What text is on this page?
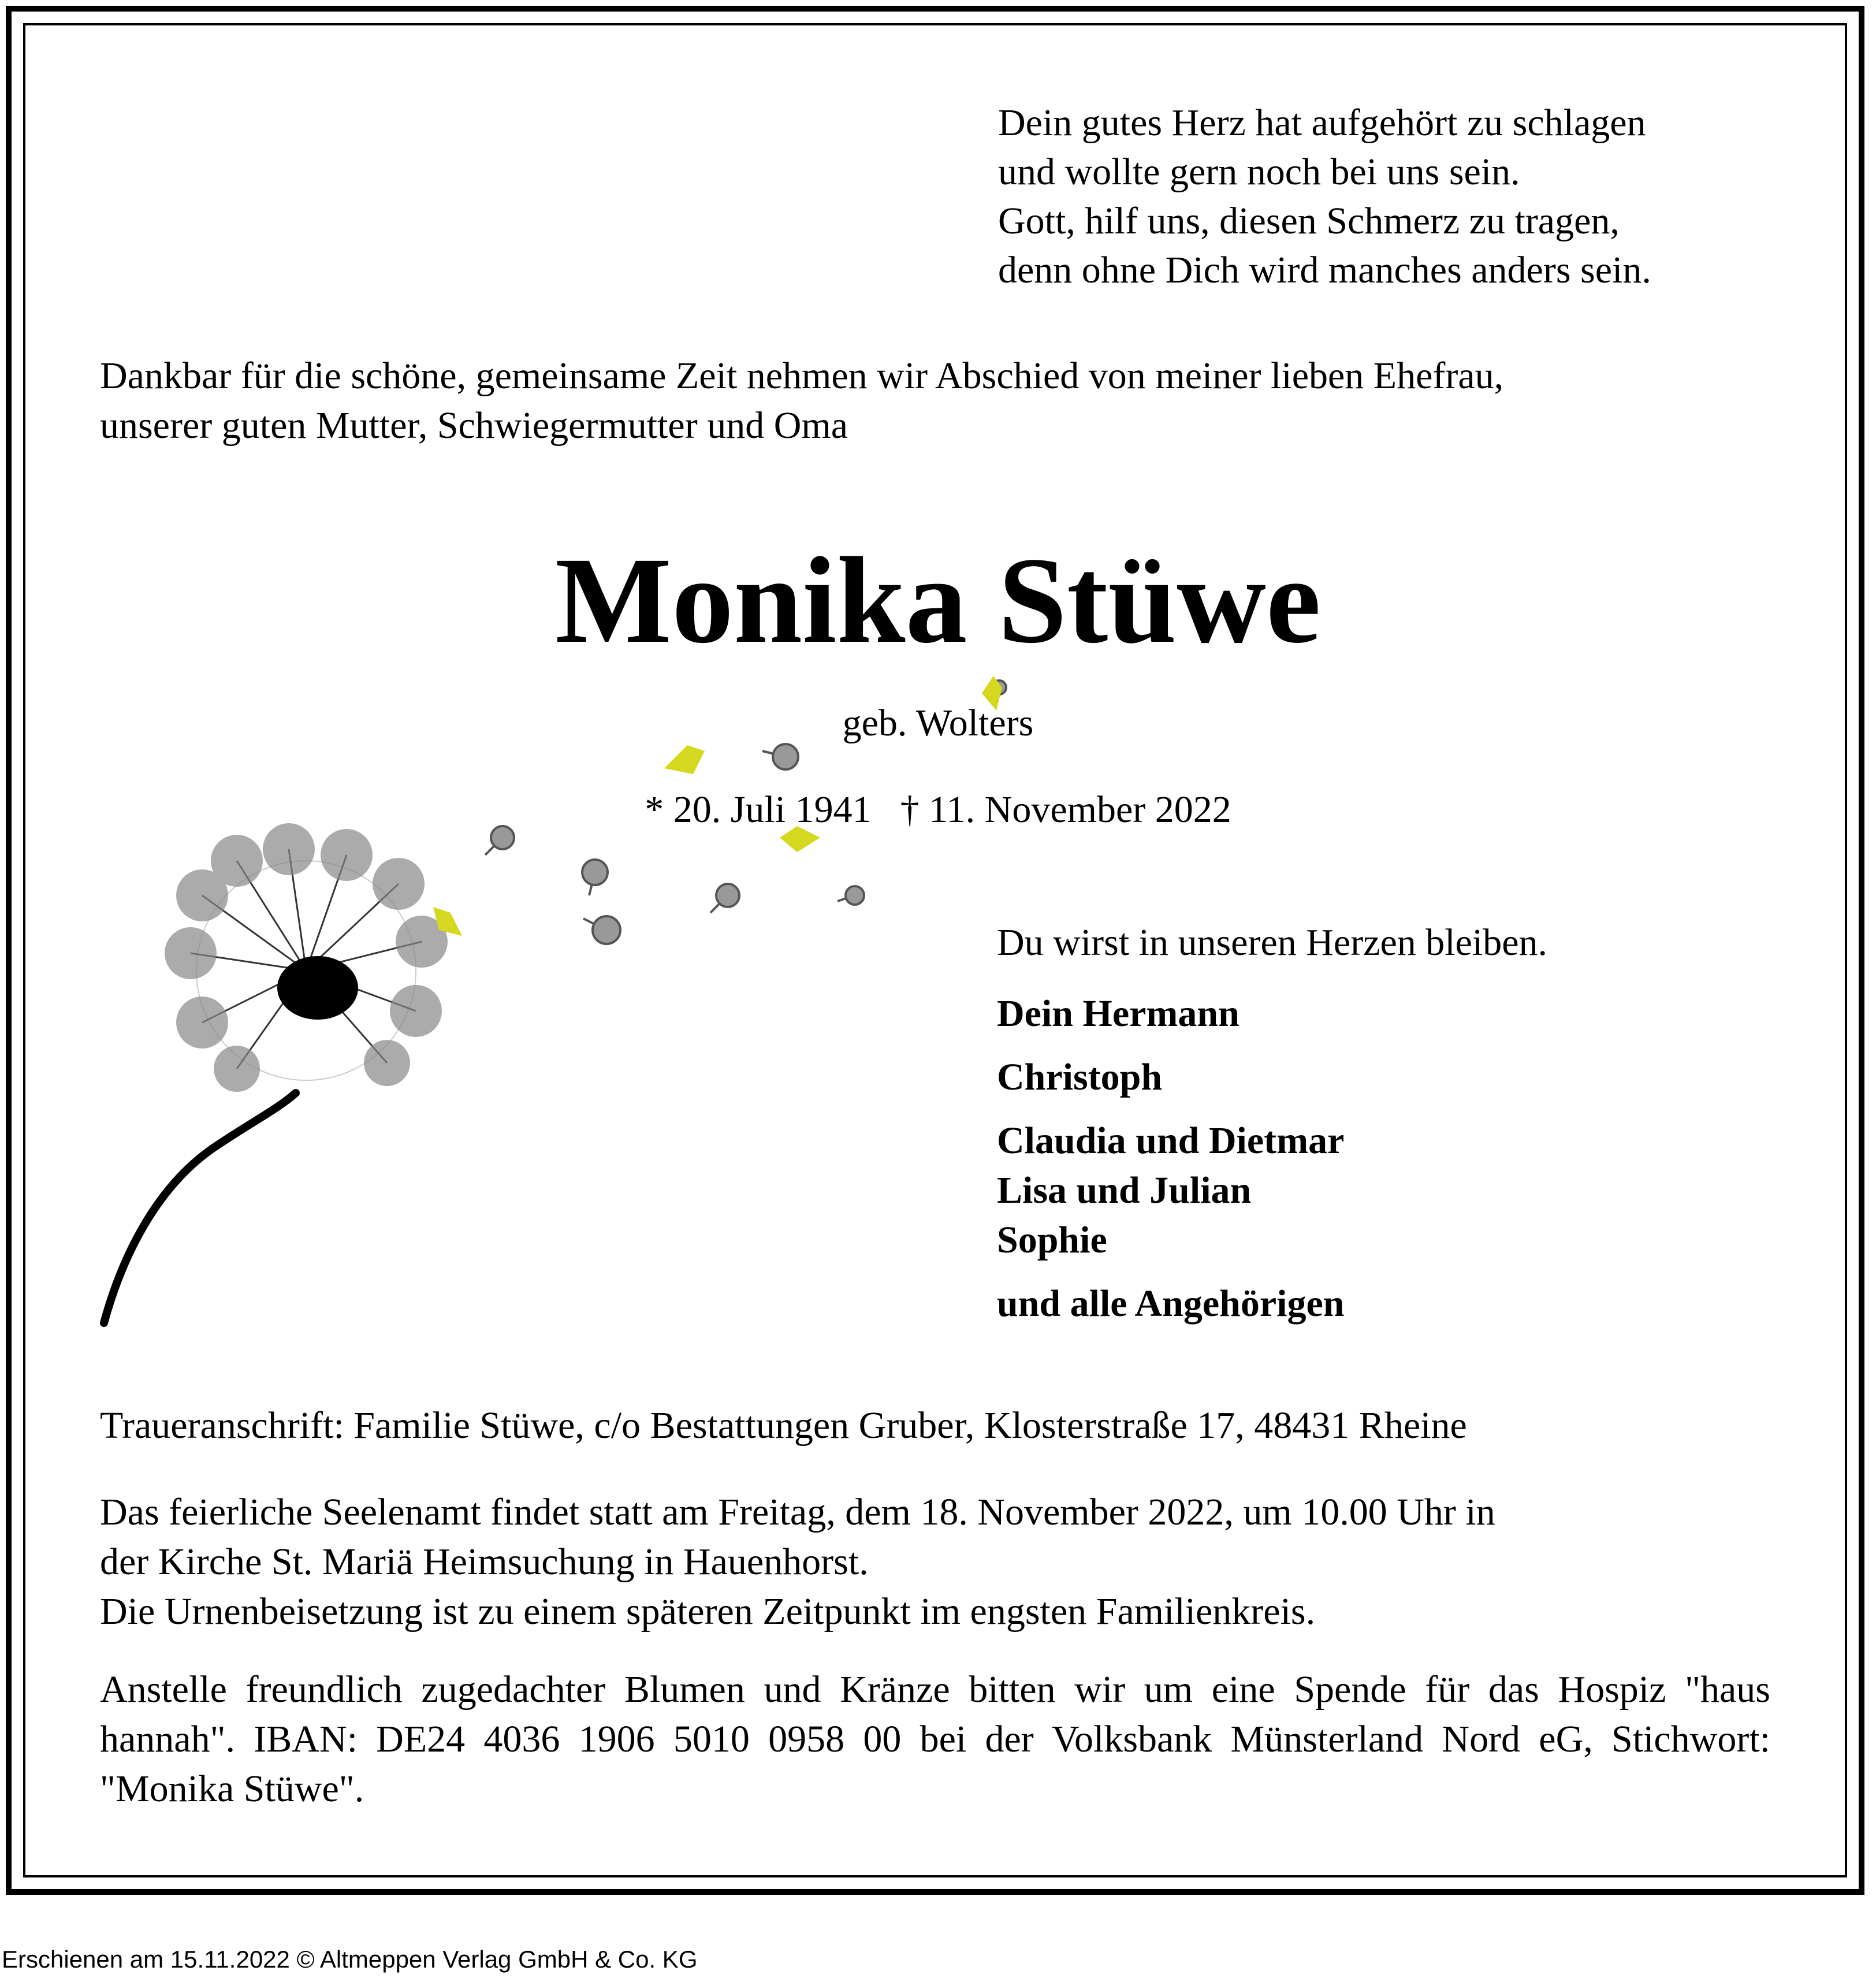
Dein gutes Herz hat aufgehört zu schlagen
und wollte gern noch bei uns sein.
Gott, hilf uns, diesen Schmerz zu tragen,
denn ohne Dich wird manches anders sein.
Dankbar für die schöne, gemeinsame Zeit nehmen wir Abschied von meiner lieben Ehefrau,
unserer guten Mutter, Schwiegermutter und Oma
Monika Stüwe
geb. Wolters
* 20. Juli 1941 † 11. November 2022
Du wirst in unseren Herzen bleiben.
Dein Hermann
Christoph
Claudia und Dietmar
Lisa und Julian
Sophie
und alle Angehörigen
Traueranschrift: Familie Stüwe, c/o Bestattungen Gruber, Klosterstraße 17, 48431 Rheine
Das feierliche Seelenamt findet statt am Freitag, dem 18. November 2022, um 10.00 Uhr in
der Kirche St. Mariä Heimsuchung in Hauenhorst.
Die Urnenbeisetzung ist zu einem späteren Zeitpunkt im engsten Familienkreis.
Anstelle freundlich zugedachter Blumen und Kränze bitten wir um eine Spende für das Hospiz "haus hannah". IBAN: DE24 4036 1906 5010 0958 00 bei der Volksbank Münsterland Nord eG, Stichwort: "Monika Stüwe".
Erschienen am 15.11.2022 © Altmeppen Verlag GmbH & Co. KG
